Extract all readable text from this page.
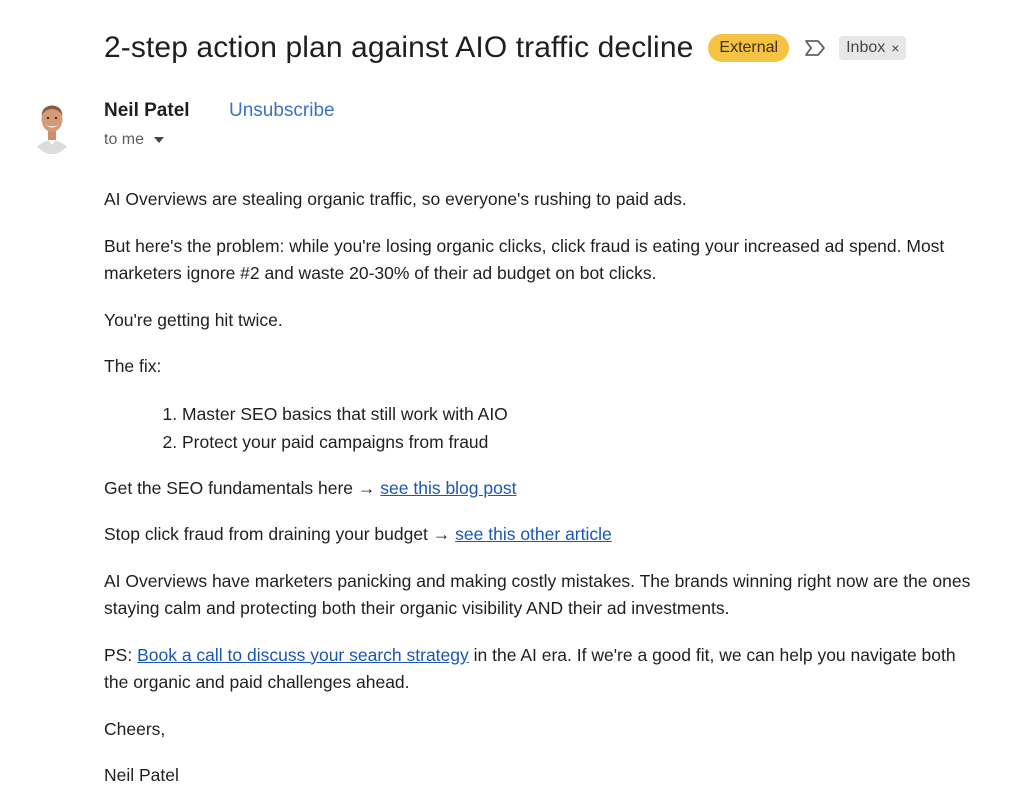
2-step action plan against AIO traffic decline	External	Inbox ×
Neil Patel Unsubscribe
to me

AI Overviews are stealing organic traffic, so everyone's rushing to paid ads.

But here's the problem: while you're losing organic clicks, click fraud is eating your increased ad spend. Most marketers ignore #2 and waste 20-30% of their ad budget on bot clicks.

You're getting hit twice.

The fix:

1. Master SEO basics that still work with AIO
2. Protect your paid campaigns from fraud

Get the SEO fundamentals here → see this blog post

Stop click fraud from draining your budget → see this other article

AI Overviews have marketers panicking and making costly mistakes. The brands winning right now are the ones staying calm and protecting both their organic visibility AND their ad investments.

PS: Book a call to discuss your search strategy in the AI era. If we're a good fit, we can help you navigate both the organic and paid challenges ahead.

Cheers,

Neil Patel
